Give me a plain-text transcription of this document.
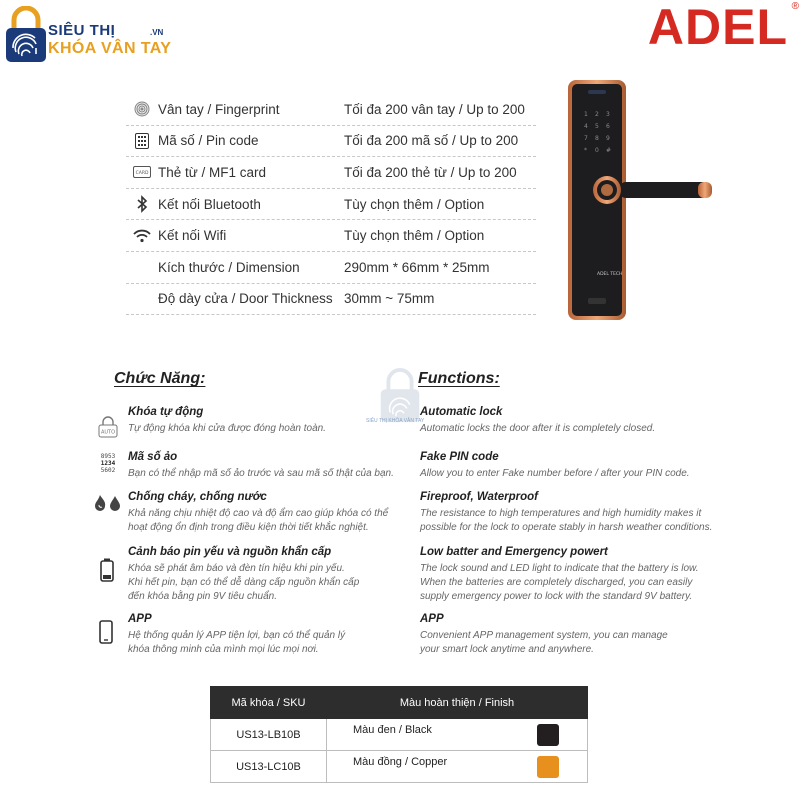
SIÊU THỊ	.VN
KHÓA VÂN TAY	ADEL ®
Vân tay / Fingerprint	Tối đa 200 vân tay / Up to 200
Mã số / Pin code	Tối đa 200 mã số / Up to 200
CARD Thẻ từ / MF1 card	Tối đa 200 thẻ từ / Up to 200
Kết nối Bluetooth	Tùy chọn thêm / Option
Kết nối Wifi	Tùy chọn thêm / Option
Kích thước / Dimension	290mm * 66mm * 25mm
Độ dày cửa / Door Thickness 30mm ~ 75mm
1 2 3
4 5 6
7 8 9
* 0 #
ADEL TECH
Chức Năng:	Functions:
SIÊU THỊ KHÓA VÂN TAY
AUTO
8953
1234
5602
Khóa tự động
Tự động khóa khi cửa được đóng hoàn toàn.
Mã số ảo
Bạn có thể nhập mã số ảo trước và sau mã số thật của bạn.
Chống cháy, chống nước
Khả năng chịu nhiệt độ cao và độ ẩm cao giúp khóa có thể
hoạt động ổn định trong điều kiện thời tiết khắc nghiệt.
Cảnh báo pin yếu và nguồn khẩn cấp
Khóa sẽ phát âm báo và đèn tín hiệu khi pin yếu.
Khi hết pin, bạn có thể dễ dàng cấp nguồn khẩn cấp
đến khóa bằng pin 9V tiêu chuẩn.
APP
Hệ thống quản lý APP tiện lợi, bạn có thể quản lý
khóa thông minh của mình mọi lúc mọi nơi.
Automatic lock
Automatic locks the door after it is completely closed.
Fake PIN code
Allow you to enter Fake number before / after your PIN code.
Fireproof, Waterproof
The resistance to high temperatures and high humidity makes it
possible for the lock to operate stably in harsh weather conditions.
Low batter and Emergency powert
The lock sound and LED light to indicate that the battery is low.
When the batteries are completely discharged, you can easily
supply emergency power to lock with the standard 9V battery.
APP
Convenient APP management system, you can manage
your smart lock anytime and anywhere.
Mã khóa / SKU	Màu hoàn thiện / Finish
US13-LB10B	Màu đen / Black

US13-LC10B	Màu đồng / Copper
